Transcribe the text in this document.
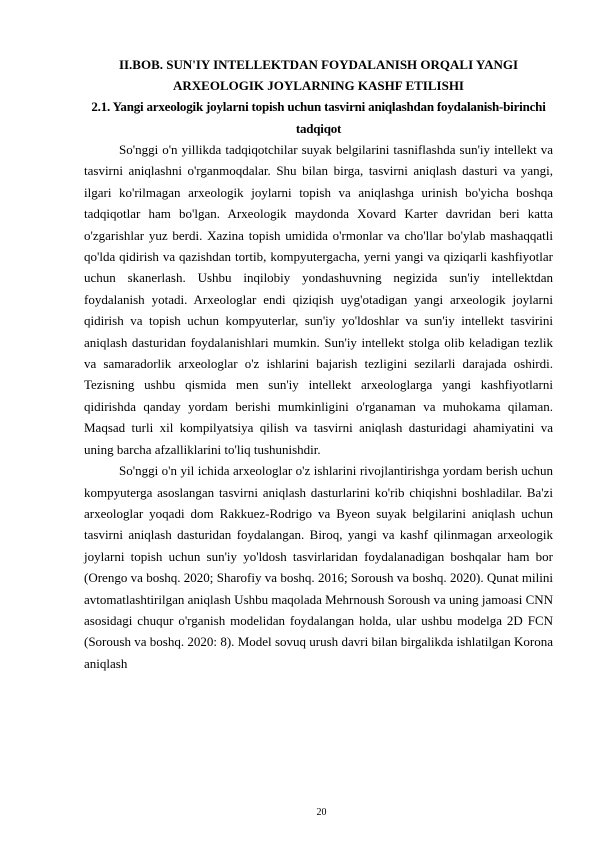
II.BOB. SUN'IY INTELLEKTDAN FOYDALANISH ORQALI YANGI ARXEOLOGIK JOYLARNING KASHF ETILISHI
2.1. Yangi arxeologik joylarni topish uchun tasvirni aniqlashdan foydalanish-birinchi tadqiqot

So'nggi o'n yillikda tadqiqotchilar suyak belgilarini tasniflashda sun'iy intellekt va tasvirni aniqlashni o'rganmoqdalar. Shu bilan birga, tasvirni aniqlash dasturi va yangi, ilgari ko'rilmagan arxeologik joylarni topish va aniqlashga urinish bo'yicha boshqa tadqiqotlar ham bo'lgan. Arxeologik maydonda Xovard Karter davridan beri katta o'zgarishlar yuz berdi. Xazina topish umidida o'rmonlar va cho'llar bo'ylab mashaqqatli qo'lda qidirish va qazishdan tortib, kompyutergacha, yerni yangi va qiziqarli kashfiyotlar uchun skanerlash. Ushbu inqilobiy yondashuvning negizida sun'iy intellektdan foydalanish yotadi. Arxeologlar endi qiziqish uyg'otadigan yangi arxeologik joylarni qidirish va topish uchun kompyuterlar, sun'iy yo'ldoshlar va sun'iy intellekt tasvirini aniqlash dasturidan foydalanishlari mumkin. Sun'iy intellekt stolga olib keladigan tezlik va samaradorlik arxeologlar o'z ishlarini bajarish tezligini sezilarli darajada oshirdi. Tezisning ushbu qismida men sun'iy intellekt arxeologlarga yangi kashfiyotlarni qidirishda qanday yordam berishi mumkinligini o'rganaman va muhokama qilaman. Maqsad turli xil kompilyatsiya qilish va tasvirni aniqlash dasturidagi ahamiyatini va uning barcha afzalliklarini to'liq tushunishdir.

So'nggi o'n yil ichida arxeologlar o'z ishlarini rivojlantirishga yordam berish uchun kompyuterga asoslangan tasvirni aniqlash dasturlarini ko'rib chiqishni boshladilar. Ba'zi arxeologlar yoqadi dom Rakkuez-Rodrigo va Byeon suyak belgilarini aniqlash uchun tasvirni aniqlash dasturidan foydalangan. Biroq, yangi va kashf qilinmagan arxeologik joylarni topish uchun sun'iy yo'ldosh tasvirlaridan foydalanadigan boshqalar ham bor (Orengo va boshq. 2020; Sharofiy va boshq. 2016; Soroush va boshq. 2020). Qunat milini avtomatlashtirilgan aniqlash Ushbu maqolada Mehrnoush Soroush va uning jamoasi CNN asosidagi chuqur o'rganish modelidan foydalangan holda, ular ushbu modelga 2D FCN (Soroush va boshq. 2020: 8). Model sovuq urush davri bilan birgalikda ishlatilgan Korona aniqlash

20
